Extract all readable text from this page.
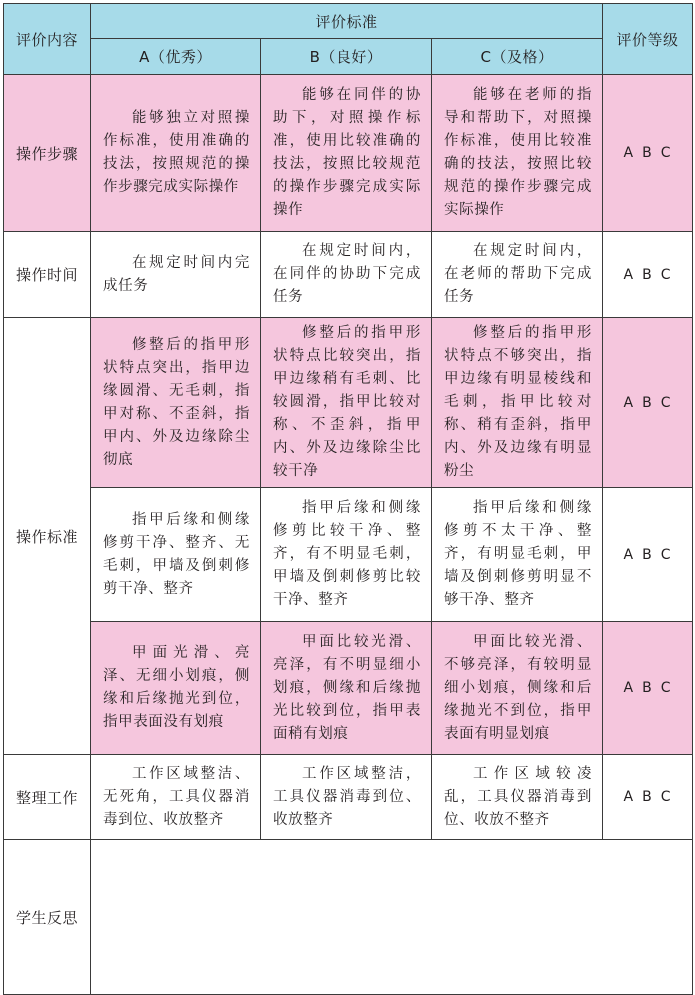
评价内容	评价标准			评价等级
	A（优秀）	B（良好）	C（及格）	
操作步骤	能够独立对照操作标准，使用准确的技法，按照规范的操作步骤完成实际操作	能够在同伴的协助下，对照操作标准，使用比较准确的技法，按照比较规范的操作步骤完成实际操作	能够在老师的指导和帮助下，对照操作标准，使用比较准确的技法，按照比较规范的操作步骤完成实际操作	A B C
操作时间	在规定时间内完成任务	在规定时间内，在同伴的协助下完成任务	在规定时间内，在老师的帮助下完成任务	A B C
操作标准	修整后的指甲形状特点突出，指甲边缘圆滑、无毛刺，指甲对称、不歪斜，指甲内、外及边缘除尘彻底	修整后的指甲形状特点比较突出，指甲边缘稍有毛刺、比较圆滑，指甲比较对称、不歪斜，指甲内、外及边缘除尘比较干净	修整后的指甲形状特点不够突出，指甲边缘有明显棱线和毛刺，指甲比较对称、稍有歪斜，指甲内、外及边缘有明显粉尘	A B C
	指甲后缘和侧缘修剪干净、整齐、无毛刺，甲墙及倒刺修剪干净、整齐	指甲后缘和侧缘修剪比较干净、整齐，有不明显毛刺，甲墙及倒刺修剪比较干净、整齐	指甲后缘和侧缘修剪不太干净、整齐，有明显毛刺，甲墙及倒刺修剪明显不够干净、整齐	A B C
	甲面光滑、亮泽、无细小划痕，侧缘和后缘抛光到位，指甲表面没有划痕	甲面比较光滑、亮泽，有不明显细小划痕，侧缘和后缘抛光比较到位，指甲表面稍有划痕	甲面比较光滑、不够亮泽，有较明显细小划痕，侧缘和后缘抛光不到位，指甲表面有明显划痕	A B C
整理工作	工作区域整洁、无死角，工具仪器消毒到位、收放整齐	工作区域整洁，工具仪器消毒到位、收放整齐	工作区域较凌乱，工具仪器消毒到位、收放不整齐	A B C
学生反思				
